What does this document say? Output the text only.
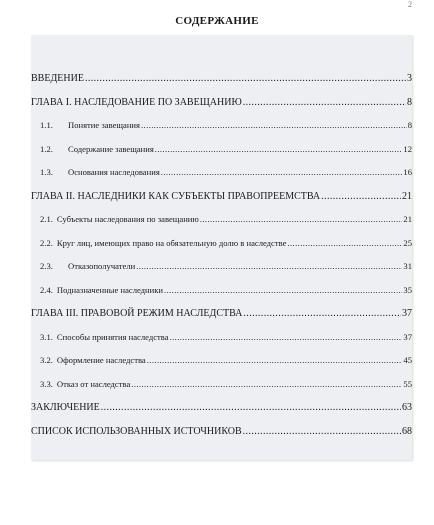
2
СОДЕРЖАНИЕ
ВВЕДЕНИЕ .....	3
ГЛАВА I. НАСЛЕДОВАНИЕ ПО ЗАВЕЩАНИЮ .....	8
1.1. Понятие завещания .....	8
1.2. Содержание завещания .....	12
1.3. Основания наследования .....	16
ГЛАВА II. НАСЛЕДНИКИ КАК СУБЪЕКТЫ ПРАВОПРЕЕМСТВА .....	21
2.1. Субъекты наследования по завещанию .....	21
2.2. Круг лиц, имеющих право на обязательную долю в наследстве .....	25
2.3. Отказополучатели .....	31
2.4. Подназначенные наследники .....	35
ГЛАВА III. ПРАВОВОЙ РЕЖИМ НАСЛЕДСТВА .....	37
3.1. Способы принятия наследства .....	37
3.2. Оформление наследства .....	45
3.3. Отказ от наследства .....	55
ЗАКЛЮЧЕНИЕ .....	63
СПИСОК ИСПОЛЬЗОВАННЫХ ИСТОЧНИКОВ .....	68
